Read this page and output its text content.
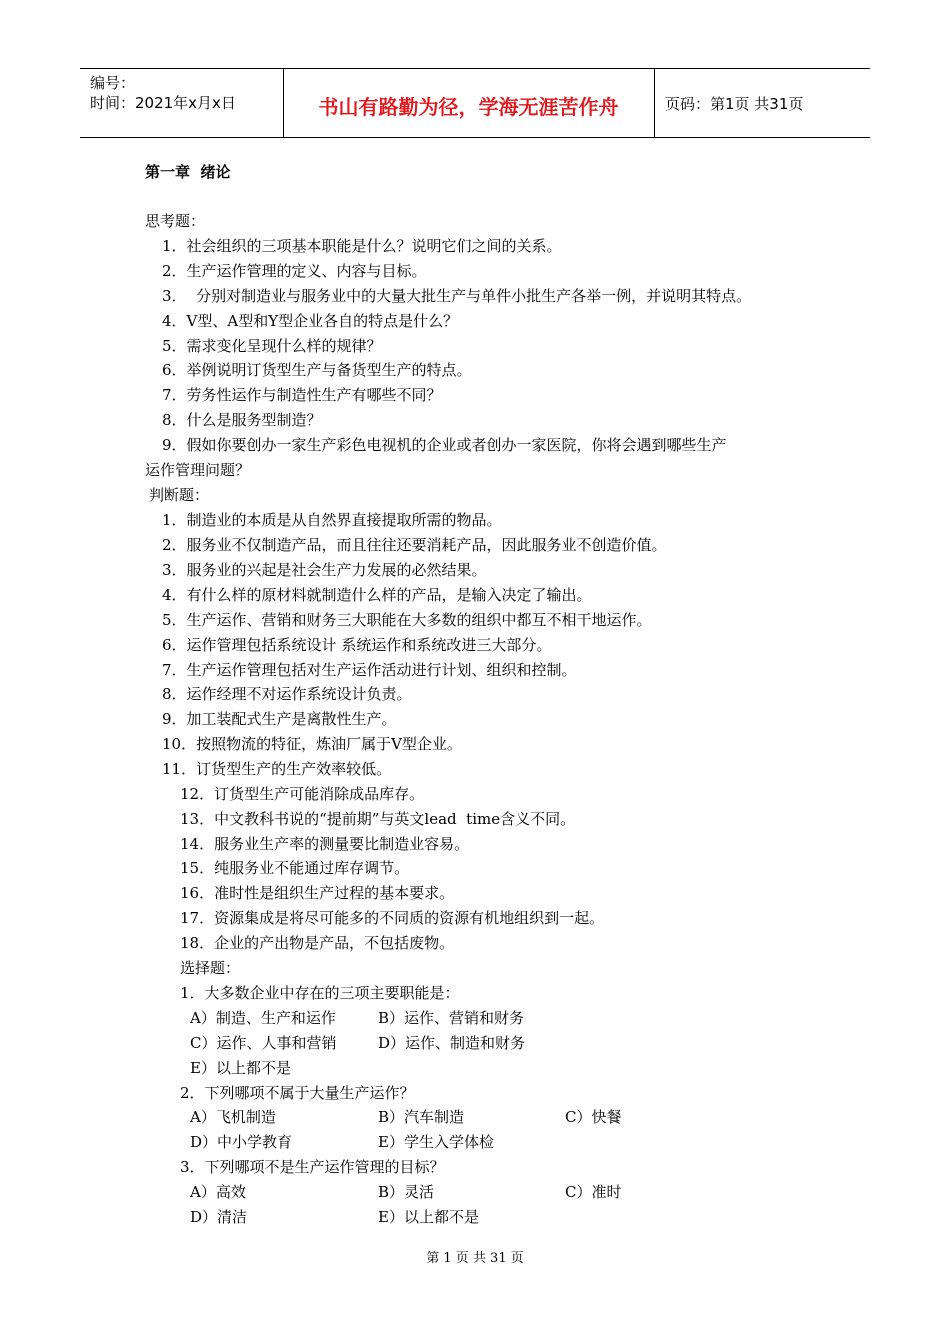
编号：
时间：2021年x月x日	书山有路勤为径，学海无涯苦作舟	页码：第1页 共31页
第一章  绪论
思考题：
1．社会组织的三项基本职能是什么？说明它们之间的关系。
2．生产运作管理的定义、内容与目标。
3．  分别对制造业与服务业中的大量大批生产与单件小批生产各举一例，并说明其特点。
4．V型、A型和Y型企业各自的特点是什么？
5．需求变化呈现什么样的规律？
6．举例说明订货型生产与备货型生产的特点。
7．劳务性运作与制造性生产有哪些不同？
8．什么是服务型制造？
9．假如你要创办一家生产彩色电视机的企业或者创办一家医院，你将会遇到哪些生产
运作管理问题？
判断题：
1．制造业的本质是从自然界直接提取所需的物品。
2．服务业不仅制造产品，而且往往还要消耗产品，因此服务业不创造价值。
3．服务业的兴起是社会生产力发展的必然结果。
4．有什么样的原材料就制造什么样的产品，是输入决定了输出。
5．生产运作、营销和财务三大职能在大多数的组织中都互不相干地运作。
6．运作管理包括系统设计 系统运作和系统改进三大部分。
7．生产运作管理包括对生产运作活动进行计划、组织和控制。
8．运作经理不对运作系统设计负责。
9．加工装配式生产是离散性生产。
10．按照物流的特征，炼油厂属于V型企业。
11．订货型生产的生产效率较低。
12．订货型生产可能消除成品库存。
13．中文教科书说的“提前期”与英文lead  time含义不同。
14．服务业生产率的测量要比制造业容易。
15．纯服务业不能通过库存调节。
16．准时性是组织生产过程的基本要求。
17．资源集成是将尽可能多的不同质的资源有机地组织到一起。
18．企业的产出物是产品，不包括废物。
选择题：
1．大多数企业中存在的三项主要职能是：
A）制造、生产和运作	B）运作、营销和财务
C）运作、人事和营销	D）运作、制造和财务
E）以上都不是
2．下列哪项不属于大量生产运作？
A）飞机制造	B）汽车制造	C）快餐
D）中小学教育	E）学生入学体检
3．下列哪项不是生产运作管理的目标？
A）高效	B）灵活	C）准时
D）清洁	E）以上都不是
第 1 页 共 31 页
